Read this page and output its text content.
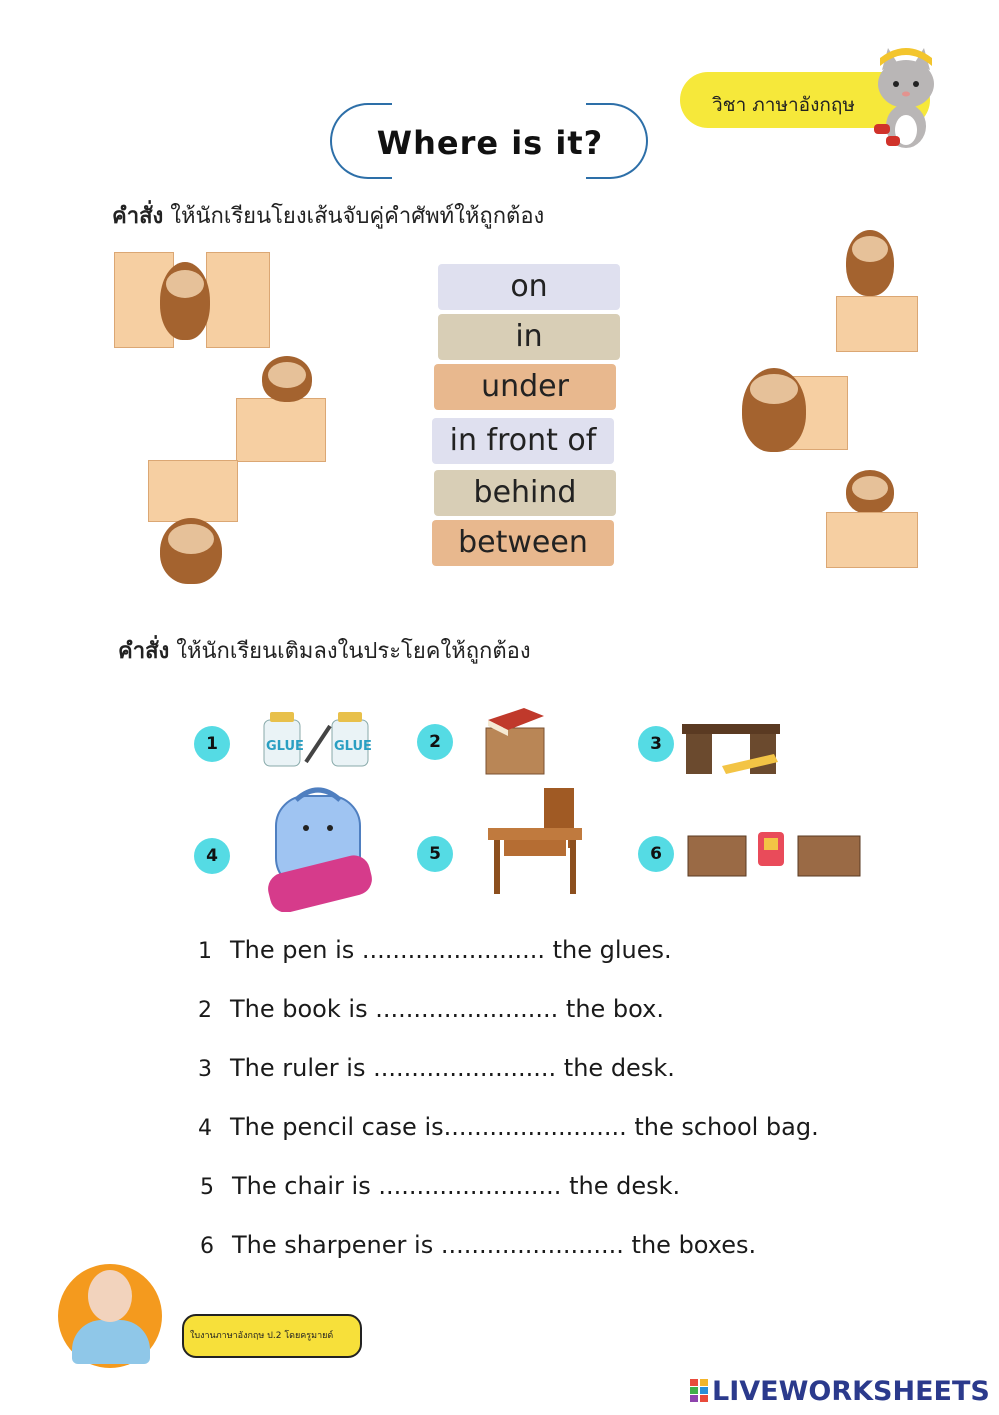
วิชา ภาษาอังกฤษ
Where is it?
คำสั่ง ให้นักเรียนโยงเส้นจับคู่คำศัพท์ให้ถูกต้อง
on
in
under
in front of
behind
between
คำสั่ง ให้นักเรียนเติมลงในประโยคให้ถูกต้อง
1	GLUE GLUE	2	3
4	5	6
1 The pen is ........................ the glues.
2 The book is ........................ the box.
3 The ruler is ........................ the desk.
4 The pencil case is........................ the school bag.
5 The chair is ........................ the desk.
6 The sharpener is ........................ the boxes.
ใบงานภาษาอังกฤษ ป.2 โดยครูมายด์
LIVEWORKSHEETS
